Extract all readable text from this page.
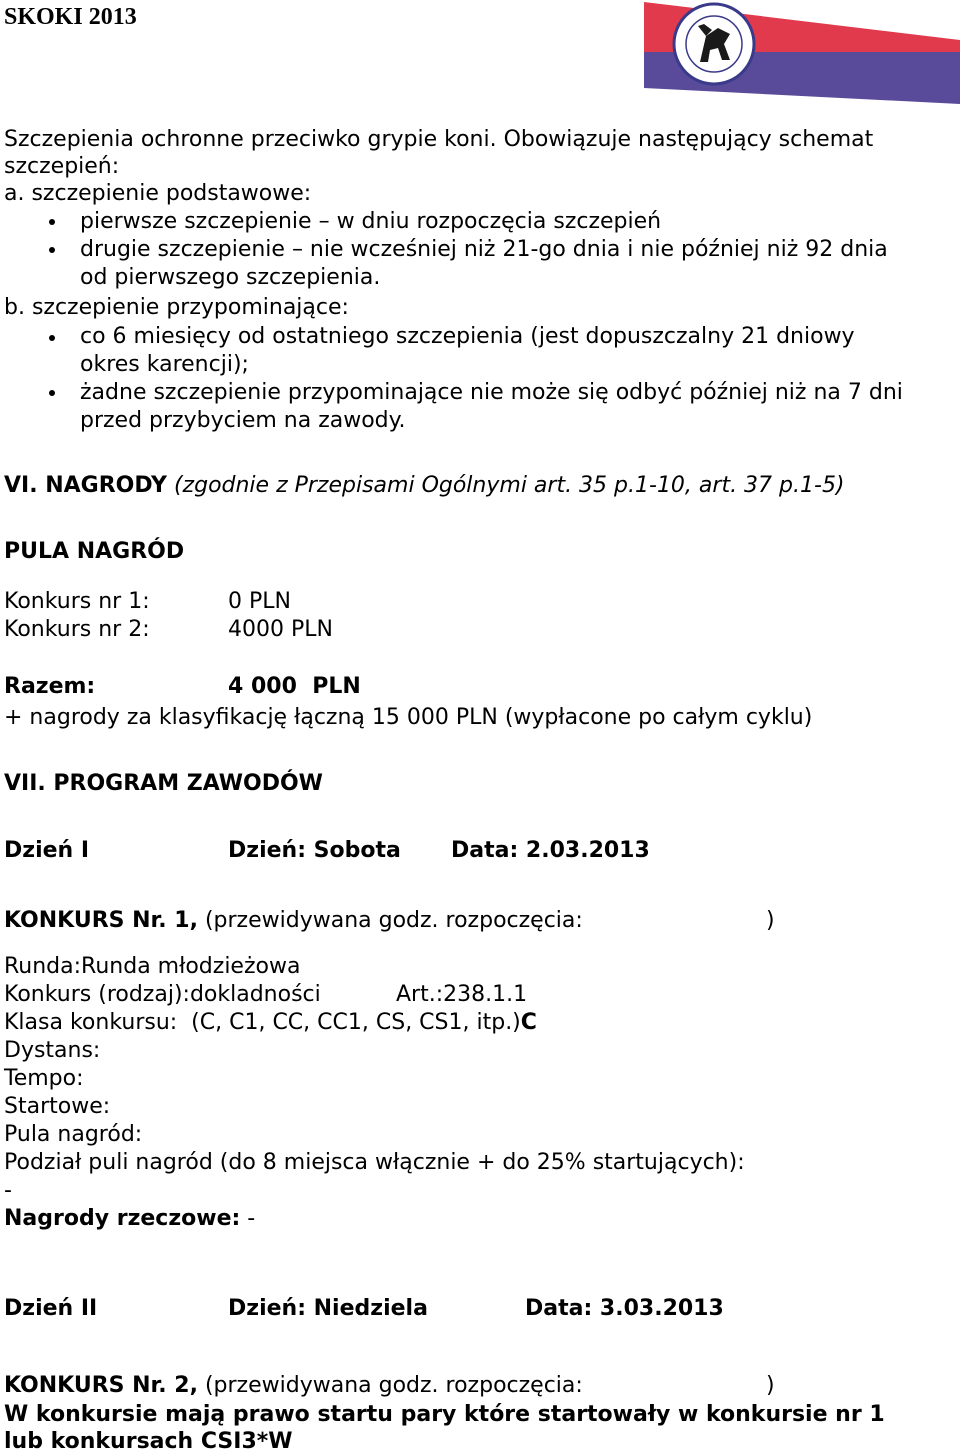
SKOKI 2013
Szczepienia ochronne przeciwko grypie koni. Obowiązuje następujący schemat
szczepień:
a. szczepienie podstawowe:
pierwsze szczepienie – w dniu rozpoczęcia szczepień
drugie szczepienie – nie wcześniej niż 21-go dnia i nie później niż 92 dnia
od pierwszego szczepienia.
b. szczepienie przypominające:
co 6 miesięcy od ostatniego szczepienia (jest dopuszczalny 21 dniowy
okres karencji);
żadne szczepienie przypominające nie może się odbyć później niż na 7 dni
przed przybyciem na zawody.
VI. NAGRODY (zgodnie z Przepisami Ogólnymi art. 35 p.1-10, art. 37 p.1-5)
PULA NAGRÓD
Konkurs nr 1:	0 PLN
Konkurs nr 2:	4000 PLN
Razem:	4 000  PLN
+ nagrody za klasyfikację łączną 15 000 PLN (wypłacone po całym cyklu)
VII. PROGRAM ZAWODÓW
Dzień I	Dzień: Sobota Data: 2.03.2013
KONKURS Nr. 1, (przewidywana godz. rozpoczęcia:	)
Runda:Runda młodzieżowa
Konkurs (rodzaj):dokladności	Art.:238.1.1
Klasa konkursu:  (C, C1, CC, CC1, CS, CS1, itp.)C
Dystans:
Tempo:
Startowe:
Pula nagród:
Podział puli nagród (do 8 miejsca włącznie + do 25% startujących):
-
Nagrody rzeczowe: -
Dzień II	Dzień: Niedziela	Data: 3.03.2013
KONKURS Nr. 2, (przewidywana godz. rozpoczęcia:	)
W konkursie mają prawo startu pary które startowały w konkursie nr 1
lub konkursach CSI3*W
